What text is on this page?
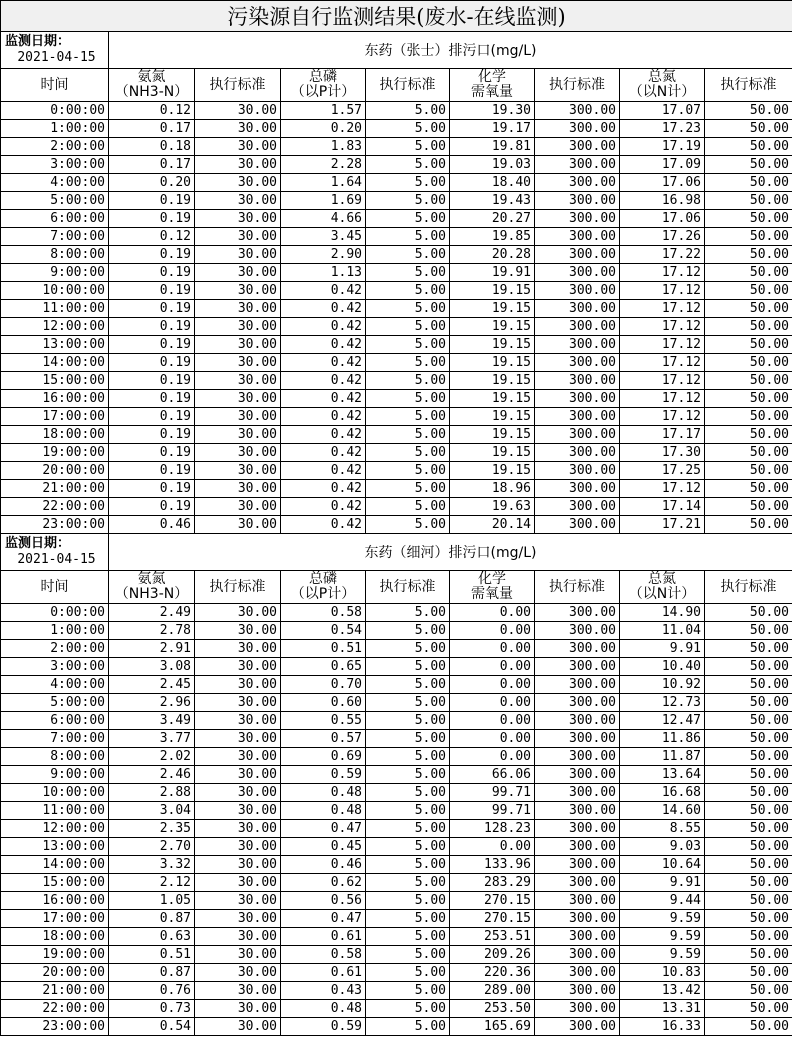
污染源自行监测结果(废水-在线监测)								

监测日期：
2021-04-15	东药（张士）排污口(mg/L)							
时间	氨氮
（NH3-N）	执行标准	总磷
（以P计）	执行标准	化学
需氧量	执行标准	总氮
（以N计）	执行标准
0:00:00	0.12	30.00	1.57	5.00	19.30	300.00	17.07	50.00
1:00:00	0.17	30.00	0.20	5.00	19.17	300.00	17.23	50.00
2:00:00	0.18	30.00	1.83	5.00	19.81	300.00	17.19	50.00
3:00:00	0.17	30.00	2.28	5.00	19.03	300.00	17.09	50.00
4:00:00	0.20	30.00	1.64	5.00	18.40	300.00	17.06	50.00
5:00:00	0.19	30.00	1.69	5.00	19.43	300.00	16.98	50.00
6:00:00	0.19	30.00	4.66	5.00	20.27	300.00	17.06	50.00
7:00:00	0.12	30.00	3.45	5.00	19.85	300.00	17.26	50.00
8:00:00	0.19	30.00	2.90	5.00	20.28	300.00	17.22	50.00
9:00:00	0.19	30.00	1.13	5.00	19.91	300.00	17.12	50.00
10:00:00	0.19	30.00	0.42	5.00	19.15	300.00	17.12	50.00
11:00:00	0.19	30.00	0.42	5.00	19.15	300.00	17.12	50.00
12:00:00	0.19	30.00	0.42	5.00	19.15	300.00	17.12	50.00
13:00:00	0.19	30.00	0.42	5.00	19.15	300.00	17.12	50.00
14:00:00	0.19	30.00	0.42	5.00	19.15	300.00	17.12	50.00
15:00:00	0.19	30.00	0.42	5.00	19.15	300.00	17.12	50.00
16:00:00	0.19	30.00	0.42	5.00	19.15	300.00	17.12	50.00
17:00:00	0.19	30.00	0.42	5.00	19.15	300.00	17.12	50.00
18:00:00	0.19	30.00	0.42	5.00	19.15	300.00	17.17	50.00
19:00:00	0.19	30.00	0.42	5.00	19.15	300.00	17.30	50.00
20:00:00	0.19	30.00	0.42	5.00	19.15	300.00	17.25	50.00
21:00:00	0.19	30.00	0.42	5.00	18.96	300.00	17.12	50.00
22:00:00	0.19	30.00	0.42	5.00	19.63	300.00	17.14	50.00
23:00:00	0.46	30.00	0.42	5.00	20.14	300.00	17.21	50.00

监测日期：
2021-04-15	东药（细河）排污口(mg/L)							
时间	氨氮
（NH3-N）	执行标准	总磷
（以P计）	执行标准	化学
需氧量	执行标准	总氮
（以N计）	执行标准
0:00:00	2.49	30.00	0.58	5.00	0.00	300.00	14.90	50.00
1:00:00	2.78	30.00	0.54	5.00	0.00	300.00	11.04	50.00
2:00:00	2.91	30.00	0.51	5.00	0.00	300.00	9.91	50.00
3:00:00	3.08	30.00	0.65	5.00	0.00	300.00	10.40	50.00
4:00:00	2.45	30.00	0.70	5.00	0.00	300.00	10.92	50.00
5:00:00	2.96	30.00	0.60	5.00	0.00	300.00	12.73	50.00
6:00:00	3.49	30.00	0.55	5.00	0.00	300.00	12.47	50.00
7:00:00	3.77	30.00	0.57	5.00	0.00	300.00	11.86	50.00
8:00:00	2.02	30.00	0.69	5.00	0.00	300.00	11.87	50.00
9:00:00	2.46	30.00	0.59	5.00	66.06	300.00	13.64	50.00
10:00:00	2.88	30.00	0.48	5.00	99.71	300.00	16.68	50.00
11:00:00	3.04	30.00	0.48	5.00	99.71	300.00	14.60	50.00
12:00:00	2.35	30.00	0.47	5.00	128.23	300.00	8.55	50.00
13:00:00	2.70	30.00	0.45	5.00	0.00	300.00	9.03	50.00
14:00:00	3.32	30.00	0.46	5.00	133.96	300.00	10.64	50.00
15:00:00	2.12	30.00	0.62	5.00	283.29	300.00	9.91	50.00
16:00:00	1.05	30.00	0.56	5.00	270.15	300.00	9.44	50.00
17:00:00	0.87	30.00	0.47	5.00	270.15	300.00	9.59	50.00
18:00:00	0.63	30.00	0.61	5.00	253.51	300.00	9.59	50.00
19:00:00	0.51	30.00	0.58	5.00	209.26	300.00	9.59	50.00
20:00:00	0.87	30.00	0.61	5.00	220.36	300.00	10.83	50.00
21:00:00	0.76	30.00	0.43	5.00	289.00	300.00	13.42	50.00
22:00:00	0.73	30.00	0.48	5.00	253.50	300.00	13.31	50.00
23:00:00	0.54	30.00	0.59	5.00	165.69	300.00	16.33	50.00
